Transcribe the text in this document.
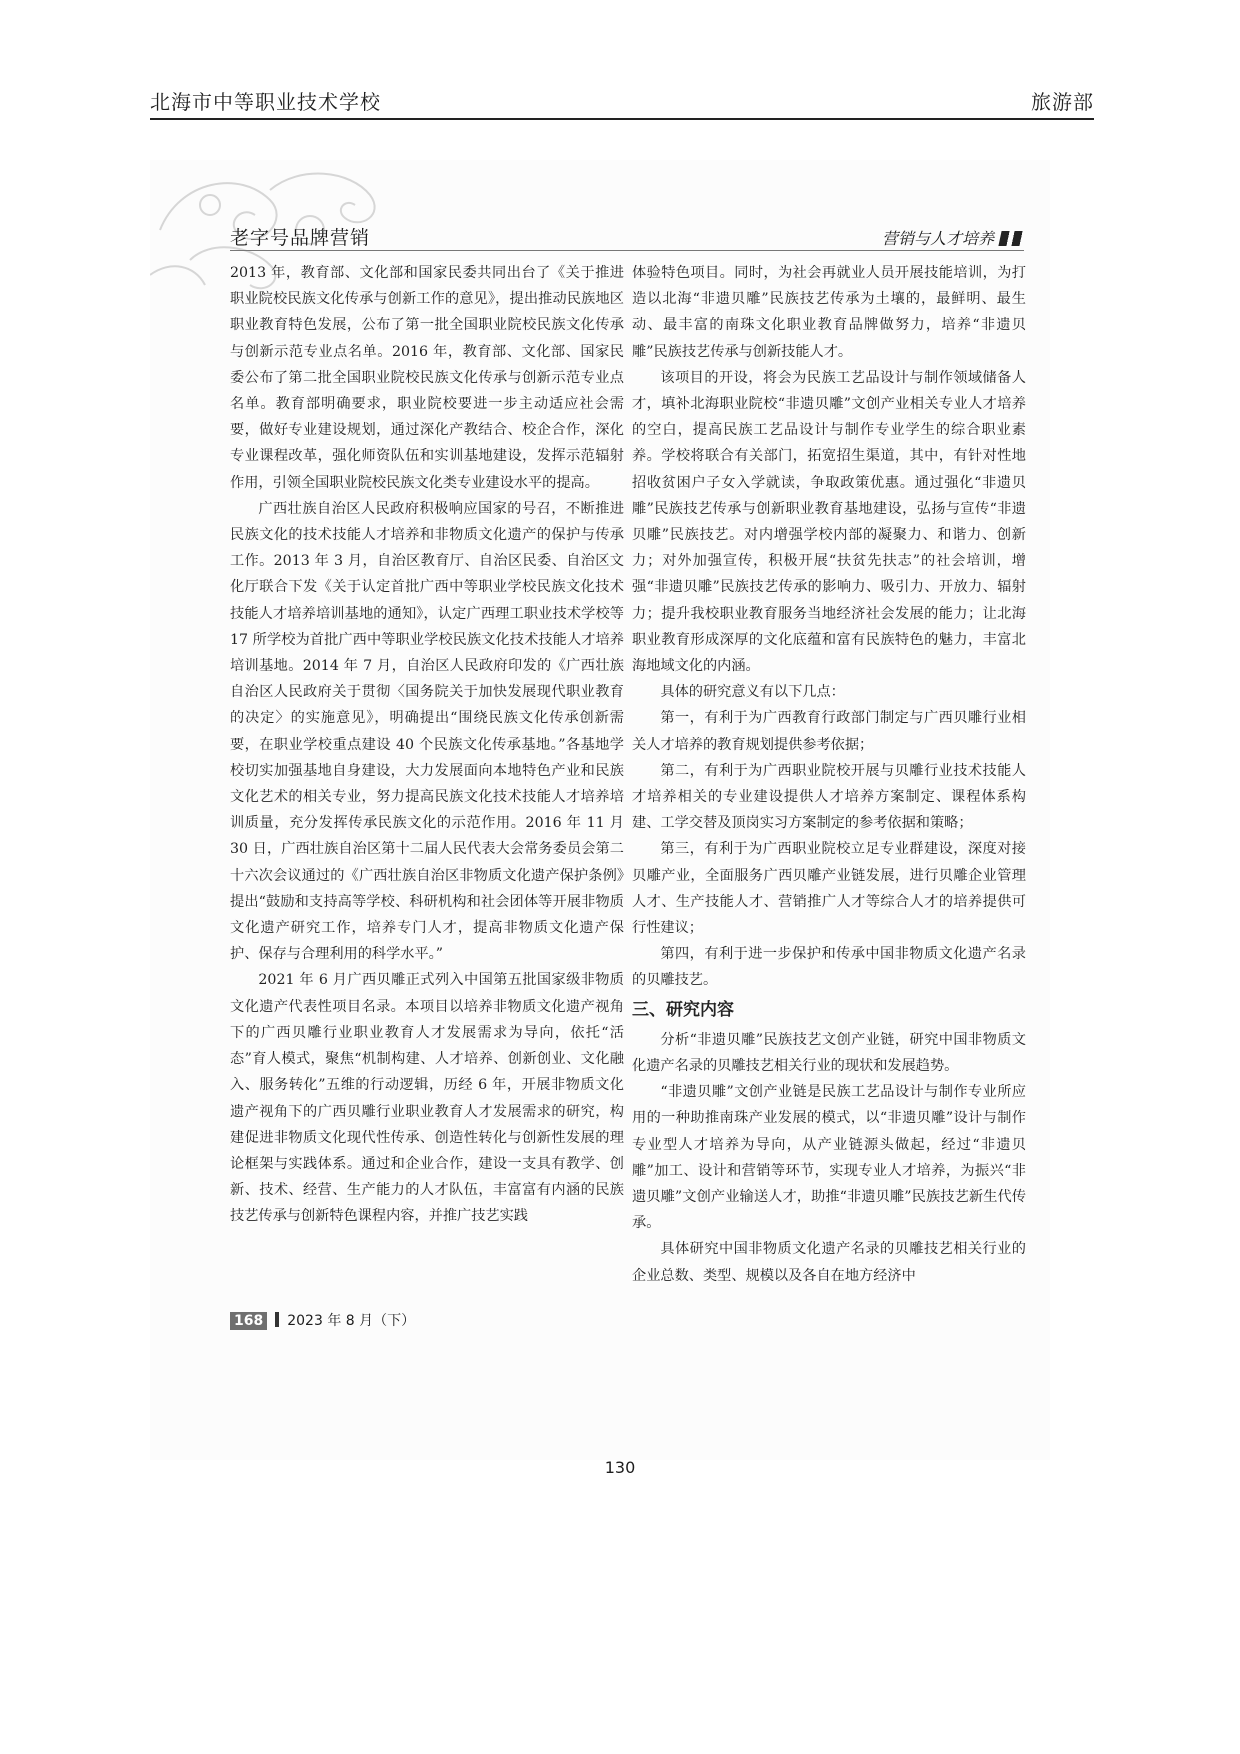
北海市中等职业技术学校	旅游部
老字号品牌营销	营销与人才培养

2013 年，教育部、文化部和国家民委共同出台了《关于推进职业院校民族文化传承与创新工作的意见》，提出推动民族地区职业教育特色发展，公布了第一批全国职业院校民族文化传承与创新示范专业点名单。2016 年，教育部、文化部、国家民委公布了第二批全国职业院校民族文化传承与创新示范专业点名单。教育部明确要求，职业院校要进一步主动适应社会需要，做好专业建设规划，通过深化产教结合、校企合作，深化专业课程改革，强化师资队伍和实训基地建设，发挥示范辐射作用，引领全国职业院校民族文化类专业建设水平的提高。

广西壮族自治区人民政府积极响应国家的号召，不断推进民族文化的技术技能人才培养和非物质文化遗产的保护与传承工作。2013 年 3 月，自治区教育厅、自治区民委、自治区文化厅联合下发《关于认定首批广西中等职业学校民族文化技术技能人才培养培训基地的通知》，认定广西理工职业技术学校等 17 所学校为首批广西中等职业学校民族文化技术技能人才培养培训基地。2014 年 7 月，自治区人民政府印发的《广西壮族自治区人民政府关于贯彻〈国务院关于加快发展现代职业教育的决定〉的实施意见》，明确提出“围绕民族文化传承创新需要，在职业学校重点建设 40 个民族文化传承基地。”各基地学校切实加强基地自身建设，大力发展面向本地特色产业和民族文化艺术的相关专业，努力提高民族文化技术技能人才培养培训质量，充分发挥传承民族文化的示范作用。2016 年 11 月 30 日，广西壮族自治区第十二届人民代表大会常务委员会第二十六次会议通过的《广西壮族自治区非物质文化遗产保护条例》提出“鼓励和支持高等学校、科研机构和社会团体等开展非物质文化遗产研究工作，培养专门人才，提高非物质文化遗产保护、保存与合理利用的科学水平。”

2021 年 6 月广西贝雕正式列入中国第五批国家级非物质文化遗产代表性项目名录。本项目以培养非物质文化遗产视角下的广西贝雕行业职业教育人才发展需求为导向，依托“活态”育人模式，聚焦“机制构建、人才培养、创新创业、文化融入、服务转化”五维的行动逻辑，历经 6 年，开展非物质文化遗产视角下的广西贝雕行业职业教育人才发展需求的研究，构建促进非物质文化现代性传承、创造性转化与创新性发展的理论框架与实践体系。通过和企业合作，建设一支具有教学、创新、技术、经营、生产能力的人才队伍，丰富富有内涵的民族技艺传承与创新特色课程内容，并推广技艺实践

体验特色项目。同时，为社会再就业人员开展技能培训，为打造以北海“非遗贝雕”民族技艺传承为土壤的，最鲜明、最生动、最丰富的南珠文化职业教育品牌做努力，培养“非遗贝雕”民族技艺传承与创新技能人才。

该项目的开设，将会为民族工艺品设计与制作领域储备人才，填补北海职业院校“非遗贝雕”文创产业相关专业人才培养的空白，提高民族工艺品设计与制作专业学生的综合职业素养。学校将联合有关部门，拓宽招生渠道，其中，有针对性地招收贫困户子女入学就读，争取政策优惠。通过强化“非遗贝雕”民族技艺传承与创新职业教育基地建设，弘扬与宣传“非遗贝雕”民族技艺。对内增强学校内部的凝聚力、和谐力、创新力；对外加强宣传，积极开展“扶贫先扶志”的社会培训，增强“非遗贝雕”民族技艺传承的影响力、吸引力、开放力、辐射力；提升我校职业教育服务当地经济社会发展的能力；让北海职业教育形成深厚的文化底蕴和富有民族特色的魅力，丰富北海地域文化的内涵。

具体的研究意义有以下几点：

第一，有利于为广西教育行政部门制定与广西贝雕行业相关人才培养的教育规划提供参考依据；

第二，有利于为广西职业院校开展与贝雕行业技术技能人才培养相关的专业建设提供人才培养方案制定、课程体系构建、工学交替及顶岗实习方案制定的参考依据和策略；

第三，有利于为广西职业院校立足专业群建设，深度对接贝雕产业，全面服务广西贝雕产业链发展，进行贝雕企业管理人才、生产技能人才、营销推广人才等综合人才的培养提供可行性建议；

第四，有利于进一步保护和传承中国非物质文化遗产名录的贝雕技艺。

三、研究内容

分析“非遗贝雕”民族技艺文创产业链，研究中国非物质文化遗产名录的贝雕技艺相关行业的现状和发展趋势。

“非遗贝雕”文创产业链是民族工艺品设计与制作专业所应用的一种助推南珠产业发展的模式，以“非遗贝雕”设计与制作专业型人才培养为导向，从产业链源头做起，经过“非遗贝雕”加工、设计和营销等环节，实现专业人才培养，为振兴“非遗贝雕”文创产业输送人才，助推“非遗贝雕”民族技艺新生代传承。

具体研究中国非物质文化遗产名录的贝雕技艺相关行业的企业总数、类型、规模以及各自在地方经济中

168 2023 年 8 月（下）
130
